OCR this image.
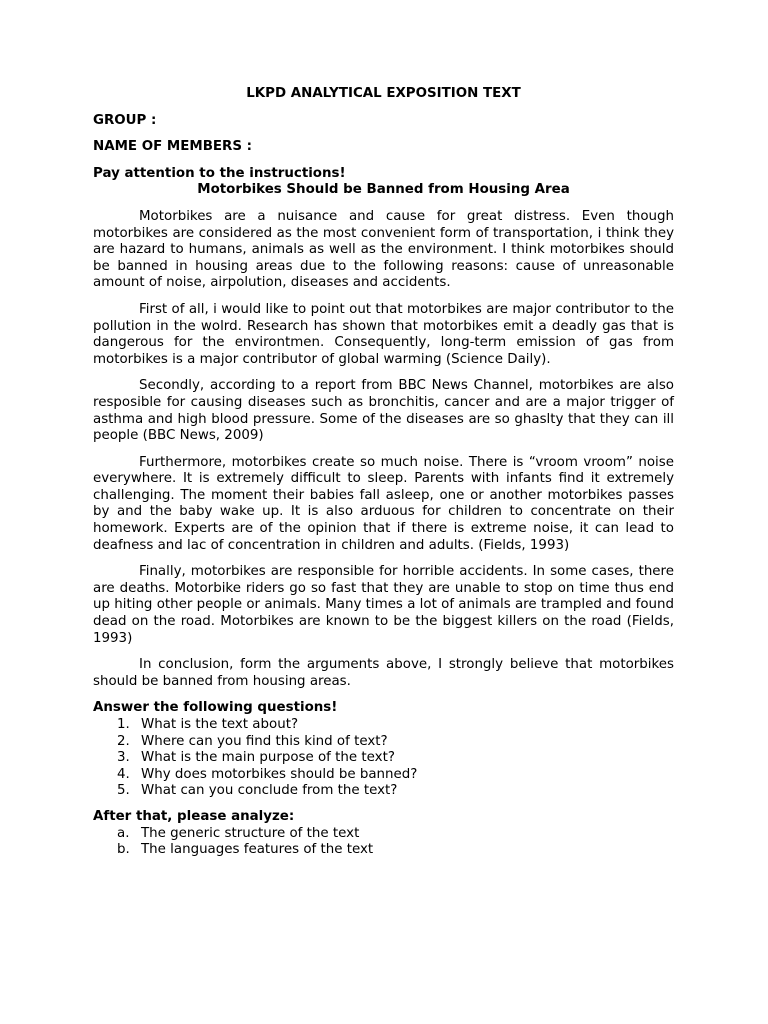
LKPD ANALYTICAL EXPOSITION TEXT

GROUP :

NAME OF MEMBERS :

Pay attention to the instructions!

Motorbikes Should be Banned from Housing Area

Motorbikes are a nuisance and cause for great distress. Even though motorbikes are considered as the most convenient form of transportation, i think they are hazard to humans, animals as well as the environment. I think motorbikes should be banned in housing areas due to the following reasons: cause of unreasonable amount of noise, airpolution, diseases and accidents.

First of all, i would like to point out that motorbikes are major contributor to the pollution in the wolrd. Research has shown that motorbikes emit a deadly gas that is dangerous for the environtmen. Consequently, long-term emission of gas from motorbikes is a major contributor of global warming (Science Daily).

Secondly, according to a report from BBC News Channel, motorbikes are also resposible for causing diseases such as bronchitis, cancer and are a major trigger of asthma and high blood pressure. Some of the diseases are so ghaslty that they can ill people (BBC News, 2009)

Furthermore, motorbikes create so much noise. There is “vroom vroom” noise everywhere. It is extremely difficult to sleep. Parents with infants find it extremely challenging. The moment their babies fall asleep, one or another motorbikes passes by and the baby wake up. It is also arduous for children to concentrate on their homework. Experts are of the opinion that if there is extreme noise, it can lead to deafness and lac of concentration in children and adults. (Fields, 1993)

Finally, motorbikes are responsible for horrible accidents. In some cases, there are deaths. Motorbike riders go so fast that they are unable to stop on time thus end up hiting other people or animals. Many times a lot of animals are trampled and found dead on the road. Motorbikes are known to be the biggest killers on the road (Fields, 1993)

In conclusion, form the arguments above, I strongly believe that motorbikes should be banned from housing areas.

Answer the following questions!

1. What is the text about?
2. Where can you find this kind of text?
3. What is the main purpose of the text?
4. Why does motorbikes should be banned?
5. What can you conclude from the text?

After that, please analyze:

a. The generic structure of the text
b. The languages features of the text
